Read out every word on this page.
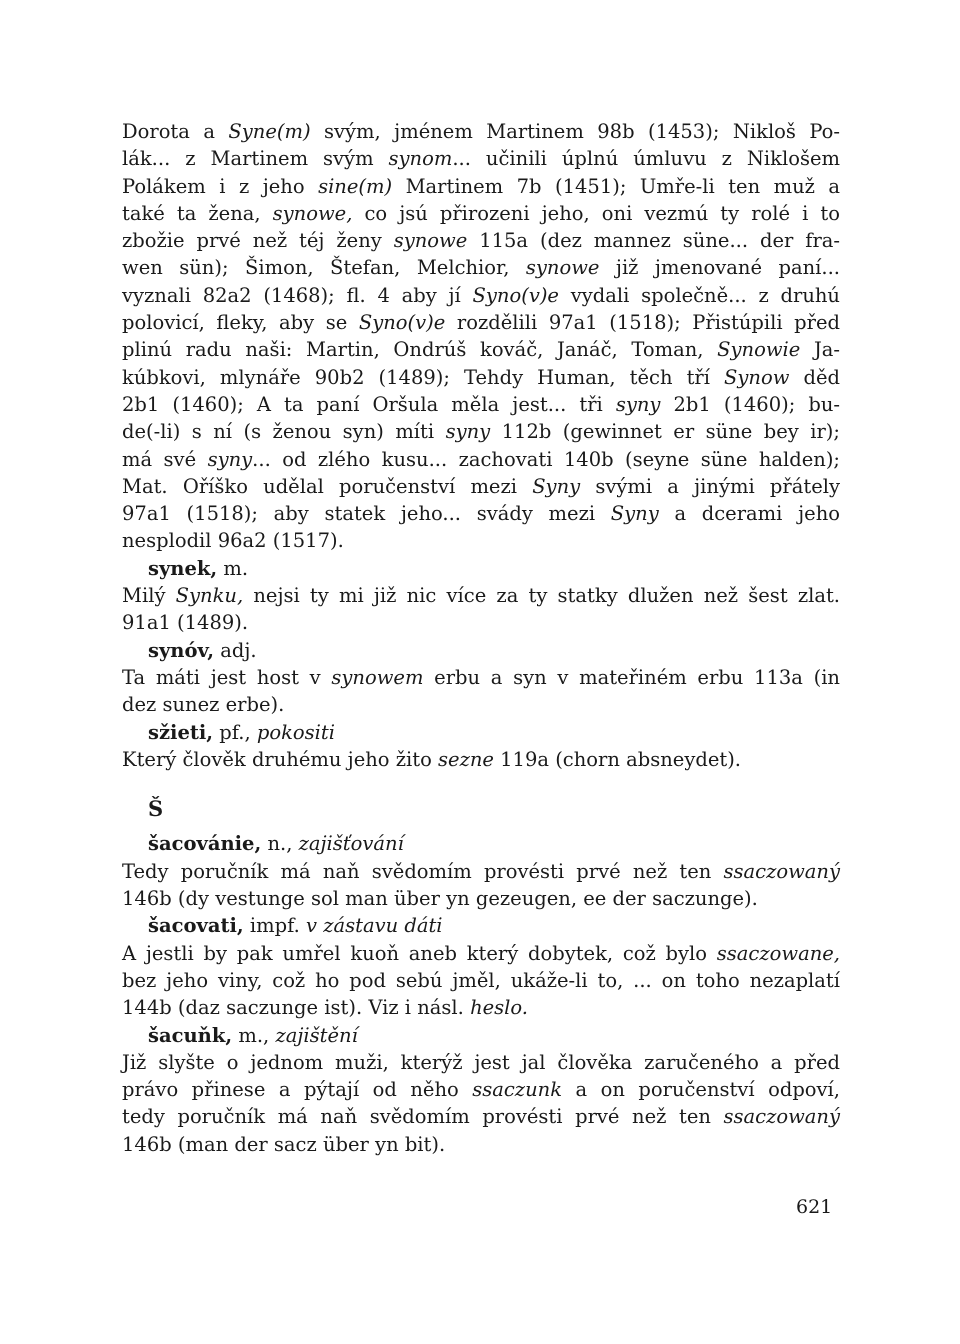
Dorota a Syne(m) svým, jménem Martinem 98b (1453); Nikloš Po-

lák... z Martinem svým synom... učinili úplnú úmluvu z Niklošem

Polákem i z jeho sine(m) Martinem 7b (1451); Umře-li ten muž a

také ta žena, synowe, co jsú přirozeni jeho, oni vezmú ty rolé i to

zbožie prvé než téj ženy synowe 115a (dez mannez süne... der fra-

wen sün); Šimon, Štefan, Melchior, synowe již jmenované paní...

vyznali 82a2 (1468); fl. 4 aby jí Syno(v)e vydali společně... z druhú

polovicí, fleky, aby se Syno(v)e rozdělili 97a1 (1518); Přistúpili před

plinú radu naši: Martin, Ondrúš kováč, Janáč, Toman, Synowie Ja-

kúbkovi, mlynáře 90b2 (1489); Tehdy Human, těch tří Synow děd

2b1 (1460); A ta paní Oršula měla jest... tři syny 2b1 (1460); bu-

de(-li) s ní (s ženou syn) míti syny 112b (gewinnet er süne bey ir);

má své syny... od zlého kusu... zachovati 140b (seyne süne halden);

Mat. Oříško udělal poručenství mezi Syny svými a jinými přátely

97a1 (1518); aby statek jeho... svády mezi Syny a dcerami jeho

nesplodil 96a2 (1517).

synek, m.

Milý Synku, nejsi ty mi již nic více za ty statky dlužen než šest zlat.

91a1 (1489).

synóv, adj.

Ta máti jest host v synowem erbu a syn v mateřiném erbu 113a (in

dez sunez erbe).

sžieti, pf., pokositi

Který člověk druhému jeho žito sezne 119a (chorn absneydet).

Š

šacovánie, n., zajišťování

Tedy poručník má naň svědomím provésti prvé než ten ssaczowaný

146b (dy vestunge sol man über yn gezeugen, ee der saczunge).

šacovati, impf. v zástavu dáti

A jestli by pak umřel kuoň aneb který dobytek, což bylo ssaczowane,

bez jeho viny, což ho pod sebú jměl, ukáže-li to, ... on toho nezaplatí

144b (daz saczunge ist). Viz i násl. heslo.

šacuňk, m., zajištění

Již slyšte o jednom muži, kterýž jest jal člověka zaručeného a před

právo přinese a pýtají od něho ssaczunk a on poručenství odpoví,

tedy poručník má naň svědomím provésti prvé než ten ssaczowaný

146b (man der sacz über yn bit).

621
